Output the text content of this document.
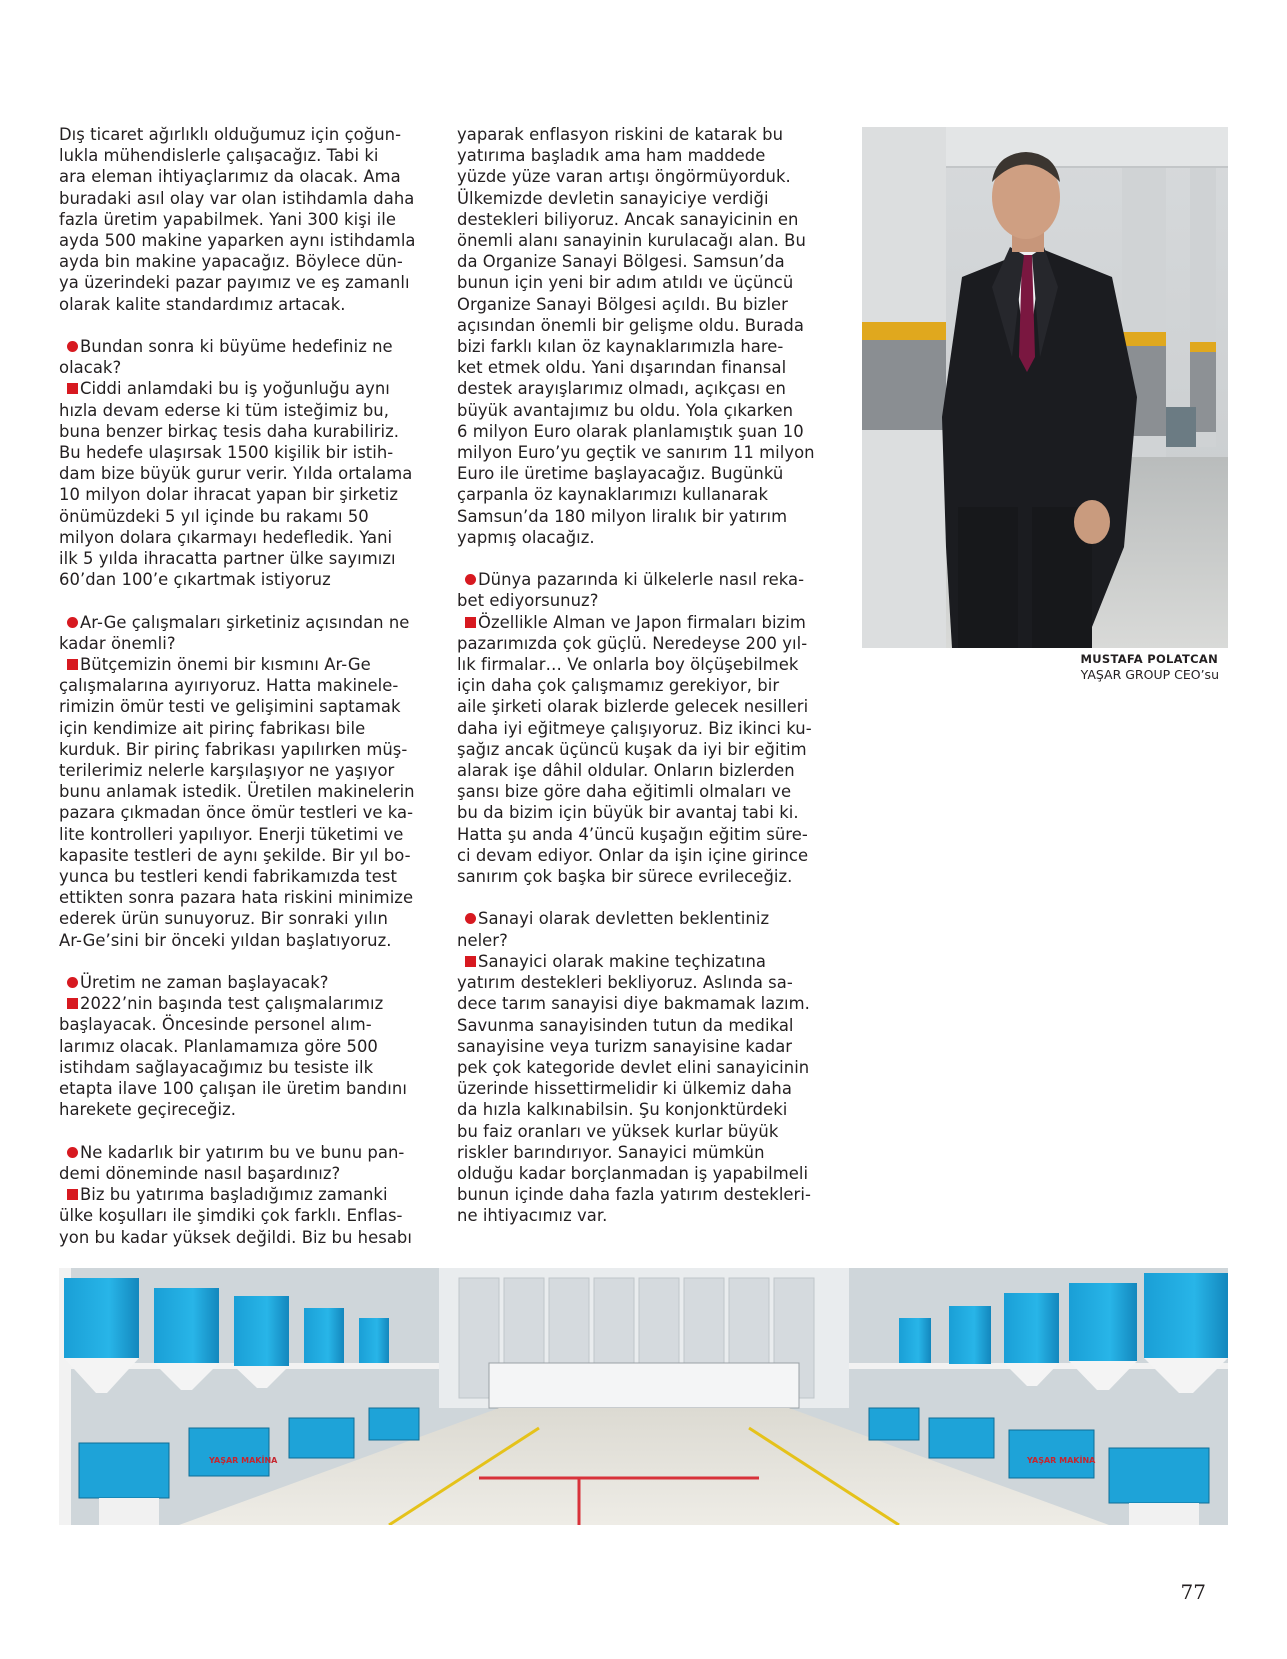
Dış ticaret ağırlıklı olduğumuz için çoğun-
lukla mühendislerle çalışacağız. Tabi ki
ara eleman ihtiyaçlarımız da olacak. Ama
buradaki asıl olay var olan istihdamla daha
fazla üretim yapabilmek. Yani 300 kişi ile
ayda 500 makine yaparken aynı istihdamla
ayda bin makine yapacağız. Böylece dün-
ya üzerindeki pazar payımız ve eş zamanlı
olarak kalite standardımız artacak.
Bundan sonra ki büyüme hedefiniz ne
olacak?
Ciddi anlamdaki bu iş yoğunluğu aynı
hızla devam ederse ki tüm isteğimiz bu,
buna benzer birkaç tesis daha kurabiliriz.
Bu hedefe ulaşırsak 1500 kişilik bir istih-
dam bize büyük gurur verir. Yılda ortalama
10 milyon dolar ihracat yapan bir şirketiz
önümüzdeki 5 yıl içinde bu rakamı 50
milyon dolara çıkarmayı hedefledik. Yani
ilk 5 yılda ihracatta partner ülke sayımızı
60’dan 100’e çıkartmak istiyoruz
Ar-Ge çalışmaları şirketiniz açısından ne
kadar önemli?
Bütçemizin önemi bir kısmını Ar-Ge
çalışmalarına ayırıyoruz. Hatta makinele-
rimizin ömür testi ve gelişimini saptamak
için kendimize ait pirinç fabrikası bile
kurduk. Bir pirinç fabrikası yapılırken müş-
terilerimiz nelerle karşılaşıyor ne yaşıyor
bunu anlamak istedik. Üretilen makinelerin
pazara çıkmadan önce ömür testleri ve ka-
lite kontrolleri yapılıyor. Enerji tüketimi ve
kapasite testleri de aynı şekilde. Bir yıl bo-
yunca bu testleri kendi fabrikamızda test
ettikten sonra pazara hata riskini minimize
ederek ürün sunuyoruz. Bir sonraki yılın
Ar-Ge’sini bir önceki yıldan başlatıyoruz.
Üretim ne zaman başlayacak?
2022’nin başında test çalışmalarımız
başlayacak. Öncesinde personel alım-
larımız olacak. Planlamamıza göre 500
istihdam sağlayacağımız bu tesiste ilk
etapta ilave 100 çalışan ile üretim bandını
harekete geçireceğiz.
Ne kadarlık bir yatırım bu ve bunu pan-
demi döneminde nasıl başardınız?
Biz bu yatırıma başladığımız zamanki
ülke koşulları ile şimdiki çok farklı. Enflas-
yon bu kadar yüksek değildi. Biz bu hesabı
yaparak enflasyon riskini de katarak bu
yatırıma başladık ama ham maddede
yüzde yüze varan artışı öngörmüyorduk.
Ülkemizde devletin sanayiciye verdiği
destekleri biliyoruz. Ancak sanayicinin en
önemli alanı sanayinin kurulacağı alan. Bu
da Organize Sanayi Bölgesi. Samsun’da
bunun için yeni bir adım atıldı ve üçüncü
Organize Sanayi Bölgesi açıldı. Bu bizler
açısından önemli bir gelişme oldu. Burada
bizi farklı kılan öz kaynaklarımızla hare-
ket etmek oldu. Yani dışarından finansal
destek arayışlarımız olmadı, açıkçası en
büyük avantajımız bu oldu. Yola çıkarken
6 milyon Euro olarak planlamıştık şuan 10
milyon Euro’yu geçtik ve sanırım 11 milyon
Euro ile üretime başlayacağız. Bugünkü
çarpanla öz kaynaklarımızı kullanarak
Samsun’da 180 milyon liralık bir yatırım
yapmış olacağız.
Dünya pazarında ki ülkelerle nasıl reka-
bet ediyorsunuz?
Özellikle Alman ve Japon firmaları bizim
pazarımızda çok güçlü. Neredeyse 200 yıl-
lık firmalar… Ve onlarla boy ölçüşebilmek
için daha çok çalışmamız gerekiyor, bir
aile şirketi olarak bizlerde gelecek nesilleri
daha iyi eğitmeye çalışıyoruz. Biz ikinci ku-
şağız ancak üçüncü kuşak da iyi bir eğitim
alarak işe dâhil oldular. Onların bizlerden
şansı bize göre daha eğitimli olmaları ve
bu da bizim için büyük bir avantaj tabi ki.
Hatta şu anda 4’üncü kuşağın eğitim süre-
ci devam ediyor. Onlar da işin içine girince
sanırım çok başka bir sürece evrileceğiz.
Sanayi olarak devletten beklentiniz
neler?
Sanayici olarak makine teçhizatına
yatırım destekleri bekliyoruz. Aslında sa-
dece tarım sanayisi diye bakmamak lazım.
Savunma sanayisinden tutun da medikal
sanayisine veya turizm sanayisine kadar
pek çok kategoride devlet elini sanayicinin
üzerinde hissettirmelidir ki ülkemiz daha
da hızla kalkınabilsin. Şu konjonktürdeki
bu faiz oranları ve yüksek kurlar büyük
riskler barındırıyor. Sanayici mümkün
olduğu kadar borçlanmadan iş yapabilmeli
bunun içinde daha fazla yatırım destekleri-
ne ihtiyacımız var.
MUSTAFA POLATCAN
YAŞAR GROUP CEO’su
YAŞAR MAKİNA	YAŞAR MAKİNA
77
